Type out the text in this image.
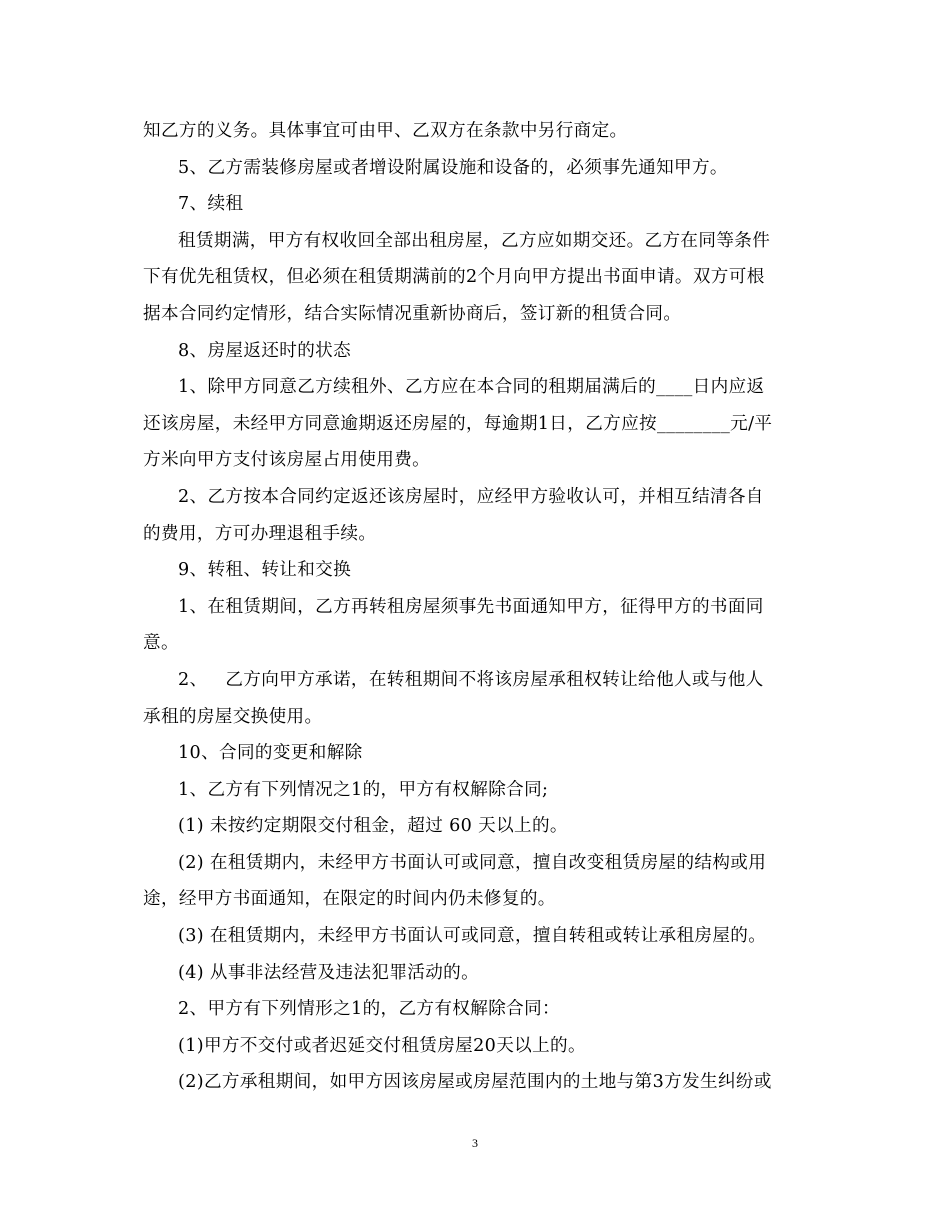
知乙方的义务。具体事宜可由甲、乙双方在条款中另行商定。
5、乙方需装修房屋或者增设附属设施和设备的，必须事先通知甲方。
7、续租
租赁期满，甲方有权收回全部出租房屋，乙方应如期交还。乙方在同等条件
下有优先租赁权，但必须在租赁期满前的2个月向甲方提出书面申请。双方可根
据本合同约定情形，结合实际情况重新协商后，签订新的租赁合同。
8、房屋返还时的状态
1、除甲方同意乙方续租外、乙方应在本合同的租期届满后的____日内应返
还该房屋，未经甲方同意逾期返还房屋的，每逾期1日，乙方应按________元/平
方米向甲方支付该房屋占用使用费。
2、乙方按本合同约定返还该房屋时，应经甲方验收认可，并相互结清各自
的费用，方可办理退租手续。
9、转租、转让和交换
1、在租赁期间，乙方再转租房屋须事先书面通知甲方，征得甲方的书面同
意。
2、   乙方向甲方承诺，在转租期间不将该房屋承租权转让给他人或与他人
承租的房屋交换使用。
10、合同的变更和解除
1、乙方有下列情况之1的，甲方有权解除合同;
(1) 未按约定期限交付租金，超过 60 天以上的。
(2) 在租赁期内，未经甲方书面认可或同意，擅自改变租赁房屋的结构或用
途，经甲方书面通知，在限定的时间内仍未修复的。
(3) 在租赁期内，未经甲方书面认可或同意，擅自转租或转让承租房屋的。
(4) 从事非法经营及违法犯罪活动的。
2、甲方有下列情形之1的，乙方有权解除合同：
(1)甲方不交付或者迟延交付租赁房屋20天以上的。
(2)乙方承租期间，如甲方因该房屋或房屋范围内的土地与第3方发生纠纷或
3
